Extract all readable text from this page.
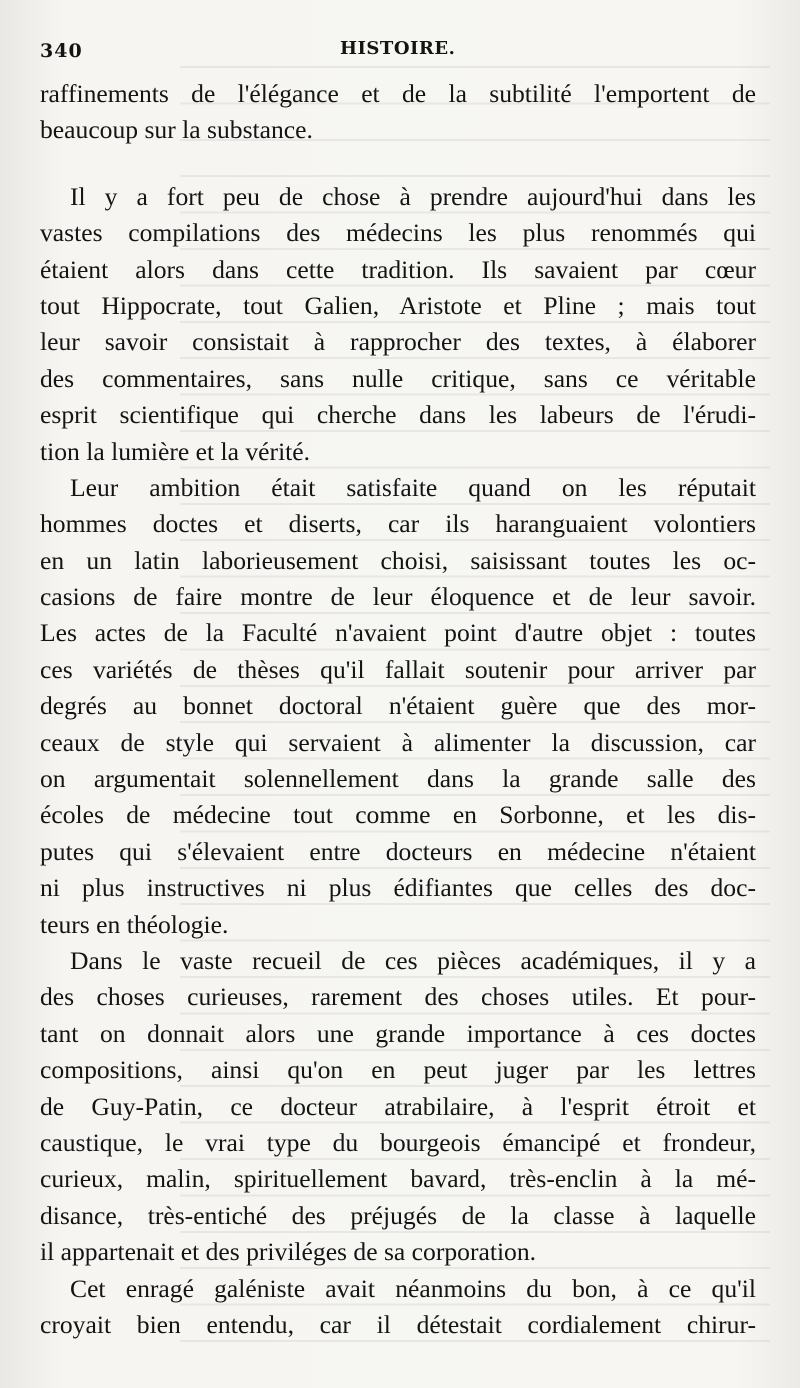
340	HISTOIRE.
raffinements de l'élégance et de la subtilité l'emportent de
beaucoup sur la substance.
Il y a fort peu de chose à prendre aujourd'hui dans les
vastes compilations des médecins les plus renommés qui
étaient alors dans cette tradition. Ils savaient par cœur
tout Hippocrate, tout Galien, Aristote et Pline ; mais tout
leur savoir consistait à rapprocher des textes, à élaborer
des commentaires, sans nulle critique, sans ce véritable
esprit scientifique qui cherche dans les labeurs de l'érudi-
tion la lumière et la vérité.
Leur ambition était satisfaite quand on les réputait
hommes doctes et diserts, car ils haranguaient volontiers
en un latin laborieusement choisi, saisissant toutes les oc-
casions de faire montre de leur éloquence et de leur savoir.
Les actes de la Faculté n'avaient point d'autre objet : toutes
ces variétés de thèses qu'il fallait soutenir pour arriver par
degrés au bonnet doctoral n'étaient guère que des mor-
ceaux de style qui servaient à alimenter la discussion, car
on argumentait solennellement dans la grande salle des
écoles de médecine tout comme en Sorbonne, et les dis-
putes qui s'élevaient entre docteurs en médecine n'étaient
ni plus instructives ni plus édifiantes que celles des doc-
teurs en théologie.
Dans le vaste recueil de ces pièces académiques, il y a
des choses curieuses, rarement des choses utiles. Et pour-
tant on donnait alors une grande importance à ces doctes
compositions, ainsi qu'on en peut juger par les lettres
de Guy-Patin, ce docteur atrabilaire, à l'esprit étroit et
caustique, le vrai type du bourgeois émancipé et frondeur,
curieux, malin, spirituellement bavard, très-enclin à la mé-
disance, très-entiché des préjugés de la classe à laquelle
il appartenait et des priviléges de sa corporation.
Cet enragé galéniste avait néanmoins du bon, à ce qu'il
croyait bien entendu, car il détestait cordialement chirur-
